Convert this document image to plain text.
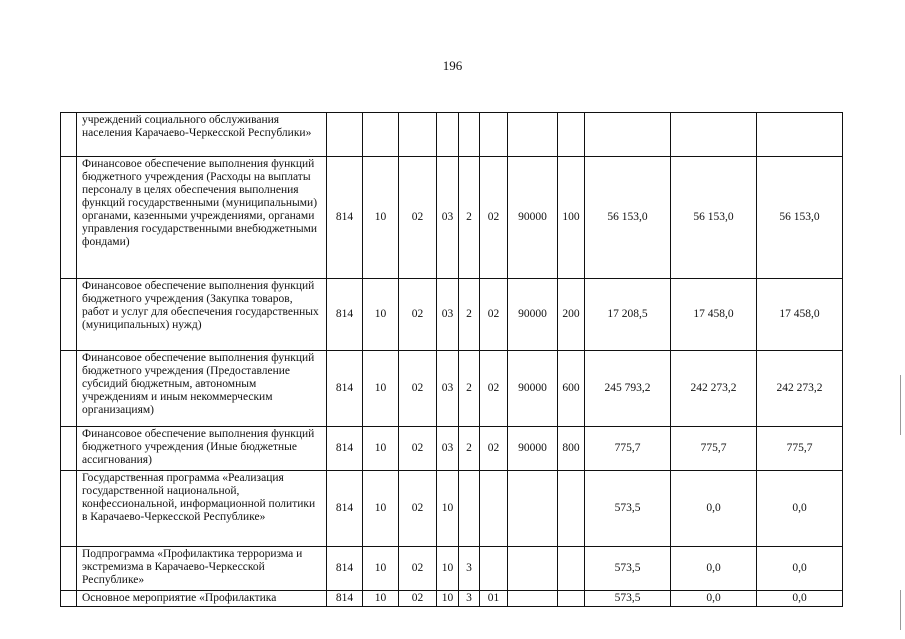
196
	учреждений социального обслуживания населения Карачаево-Черкесской Республики»											
	Финансовое обеспечение выполнения функций бюджетного учреждения (Расходы на выплаты персоналу в целях обеспечения выполнения функций государственными (муниципальными) органами, казенными учреждениями, органами управления государственными внебюджетными фондами)	814	10	02	03	2	02	90000	100	56 153,0	56 153,0	56 153,0
	Финансовое обеспечение выполнения функций бюджетного учреждения (Закупка товаров, работ и услуг для обеспечения государственных (муниципальных) нужд)	814	10	02	03	2	02	90000	200	17 208,5	17 458,0	17 458,0
	Финансовое обеспечение выполнения функций бюджетного учреждения (Предоставление субсидий бюджетным, автономным учреждениям и иным некоммерческим организациям)	814	10	02	03	2	02	90000	600	245 793,2	242 273,2	242 273,2
	Финансовое обеспечение выполнения функций бюджетного учреждения (Иные бюджетные ассигнования)	814	10	02	03	2	02	90000	800	775,7	775,7	775,7
	Государственная программа «Реализация государственной национальной, конфессиональной, информационной политики в Карачаево-Черкесской Республике»	814	10	02	10					573,5	0,0	0,0
	Подпрограмма «Профилактика терроризма и экстремизма в Карачаево-Черкесской Республике»	814	10	02	10	3				573,5	0,0	0,0
	Основное мероприятие «Профилактика	814	10	02	10	3	01			573,5	0,0	0,0
